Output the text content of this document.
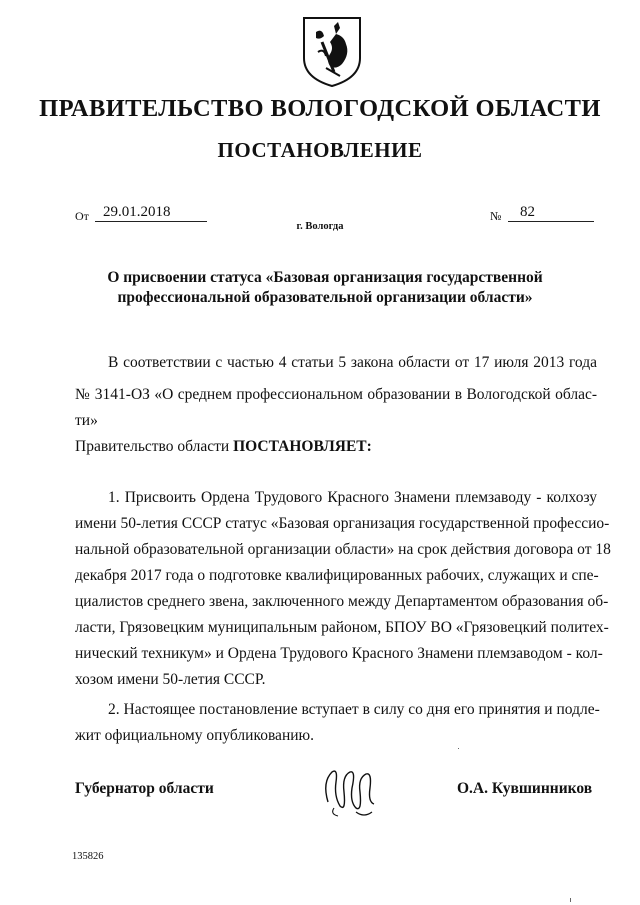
ПРАВИТЕЛЬСТВО ВОЛОГОДСКОЙ ОБЛАСТИ
ПОСТАНОВЛЕНИЕ
От 29.01.2018	№ 82
г. Вологда
О присвоении статуса «Базовая организация государственной
профессиональной образовательной организации области»
В соответствии с частью 4 статьи 5 закона области от 17 июля 2013 года
№ 3141-ОЗ «О среднем профессиональном образовании в Вологодской облас-
ти»
Правительство области ПОСТАНОВЛЯЕТ:
1. Присвоить Ордена Трудового Красного Знамени племзаводу - колхозу
имени 50-летия СССР статус «Базовая организация государственной профессио-
нальной образовательной организации области» на срок действия договора от 18
декабря 2017 года о подготовке квалифицированных рабочих, служащих и спе-
циалистов среднего звена, заключенного между Департаментом образования об-
ласти, Грязовецким муниципальным районом, БПОУ ВО «Грязовецкий политех-
нический техникум» и Ордена Трудового Красного Знамени племзаводом - кол-
хозом имени 50-летия СССР.
2. Настоящее постановление вступает в силу со дня его принятия и подле-
жит официальному опубликованию.
Губернатор области	О.А. Кувшинников
135826
